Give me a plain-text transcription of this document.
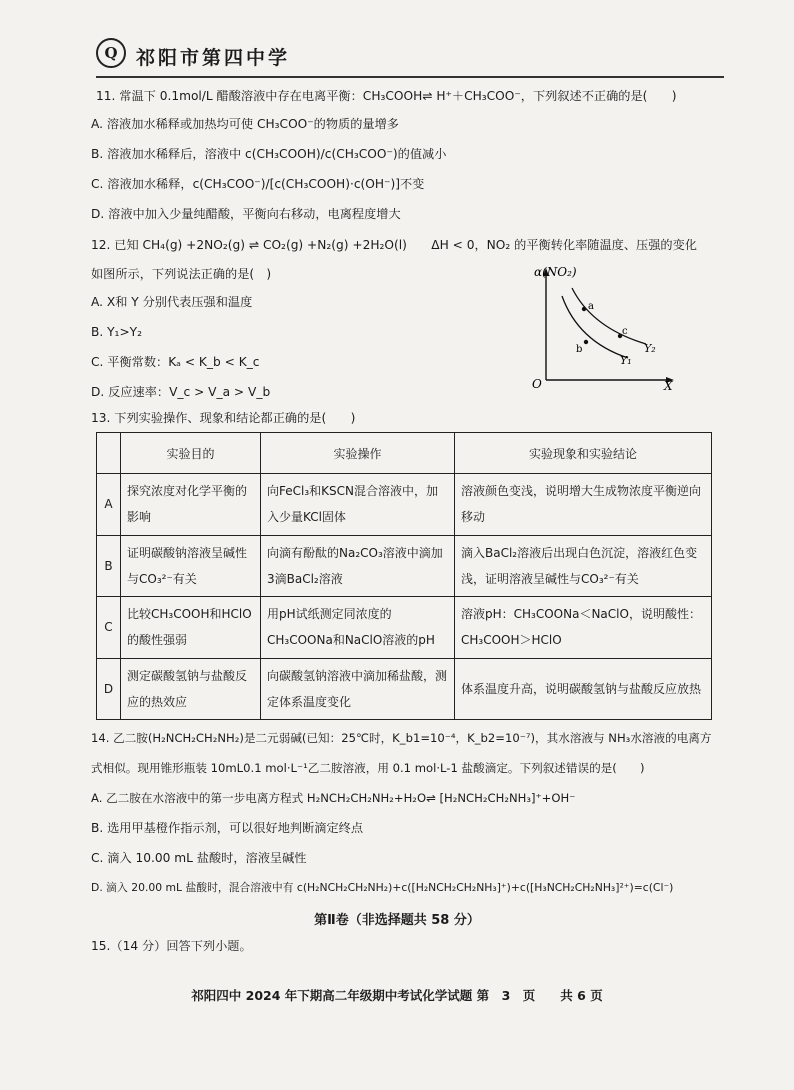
Q 祁阳市第四中学
11. 常温下 0.1mol/L 醋酸溶液中存在电离平衡：CH₃COOH⇌ H⁺＋CH₃COO⁻，下列叙述不正确的是(　　)
A. 溶液加水稀释或加热均可使 CH₃COO⁻的物质的量增多
B. 溶液加水稀释后，溶液中 c(CH₃COOH)/c(CH₃COO⁻)的值减小
C. 溶液加水稀释，c(CH₃COO⁻)/[c(CH₃COOH)·c(OH⁻)]不变
D. 溶液中加入少量纯醋酸，平衡向右移动，电离程度增大
12. 已知 CH₄(g) +2NO₂(g) ⇌ CO₂(g) +N₂(g) +2H₂O(l)　　ΔH < 0，NO₂ 的平衡转化率随温度、压强的变化
如图所示，下列说法正确的是(　)
A. X和 Y 分别代表压强和温度
B. Y₁>Y₂
C. 平衡常数：Kₐ < K_b < K_c
D. 反应速率：V_c > V_a > V_b
α(NO₂)
X
O
Y₂
Y₁
a
b
c
13. 下列实验操作、现象和结论都正确的是(　　)
	实验目的	实验操作	实验现象和实验结论
A	探究浓度对化学平衡的影响	向FeCl₃和KSCN混合溶液中，加入少量KCl固体	溶液颜色变浅，说明增大生成物浓度平衡逆向移动
B	证明碳酸钠溶液呈碱性与CO₃²⁻有关	向滴有酚酞的Na₂CO₃溶液中滴加3滴BaCl₂溶液	滴入BaCl₂溶液后出现白色沉淀，溶液红色变浅，证明溶液呈碱性与CO₃²⁻有关
C	比较CH₃COOH和HClO的酸性强弱	用pH试纸测定同浓度的CH₃COONa和NaClO溶液的pH	溶液pH：CH₃COONa＜NaClO，说明酸性：CH₃COOH＞HClO
D	测定碳酸氢钠与盐酸反应的热效应	向碳酸氢钠溶液中滴加稀盐酸，测定体系温度变化	体系温度升高，说明碳酸氢钠与盐酸反应放热
14. 乙二胺(H₂NCH₂CH₂NH₂)是二元弱碱(已知：25℃时，K_b1=10⁻⁴，K_b2=10⁻⁷)，其水溶液与 NH₃水溶液的电离方
式相似。现用锥形瓶装 10mL0.1 mol·L⁻¹乙二胺溶液，用 0.1 mol·L-1 盐酸滴定。下列叙述错误的是(　　)
A. 乙二胺在水溶液中的第一步电离方程式 H₂NCH₂CH₂NH₂+H₂O⇌ [H₂NCH₂CH₂NH₃]⁺+OH⁻
B. 选用甲基橙作指示剂，可以很好地判断滴定终点
C. 滴入 10.00 mL 盐酸时，溶液呈碱性
D. 滴入 20.00 mL 盐酸时，混合溶液中有 c(H₂NCH₂CH₂NH₂)+c([H₂NCH₂CH₂NH₃]⁺)+c([H₃NCH₂CH₂NH₃]²⁺)=c(Cl⁻)
第Ⅱ卷（非选择题共 58 分）
15.（14 分）回答下列小题。
祁阳四中 2024 年下期高二年级期中考试化学试题 第　3　页　　共 6 页
